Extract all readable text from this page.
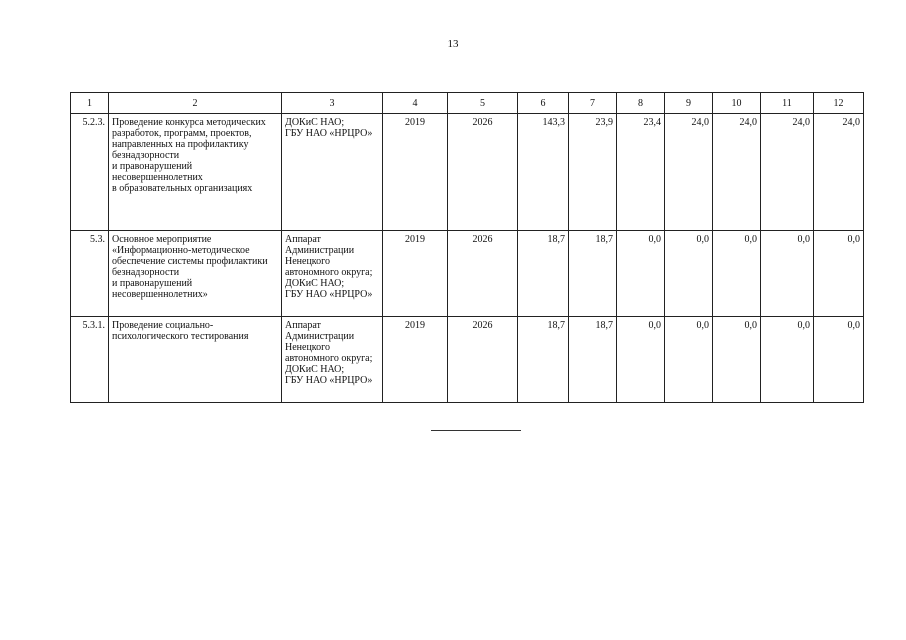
13
1	2	3	4	5	6	7	8	9	10	11	12
5.2.3.	Проведение конкурса методических разработок, программ, проектов, направленных на профилактику безнадзорности
и правонарушений несовершеннолетних
в образовательных организациях	ДОКиС НАО;
ГБУ НАО «НРЦРО»	2019	2026	143,3	23,9	23,4	24,0	24,0	24,0	24,0
5.3.	Основное мероприятие «Информационно-методическое обеспечение системы профилактики безнадзорности
и правонарушений несовершеннолетних»	Аппарат Администрации Ненецкого автономного округа;
ДОКиС НАО;
ГБУ НАО «НРЦРО»	2019	2026	18,7	18,7	0,0	0,0	0,0	0,0	0,0
5.3.1.	Проведение социально-психологического тестирования	Аппарат Администрации Ненецкого автономного округа;
ДОКиС НАО;
ГБУ НАО «НРЦРО»	2019	2026	18,7	18,7	0,0	0,0	0,0	0,0	0,0
